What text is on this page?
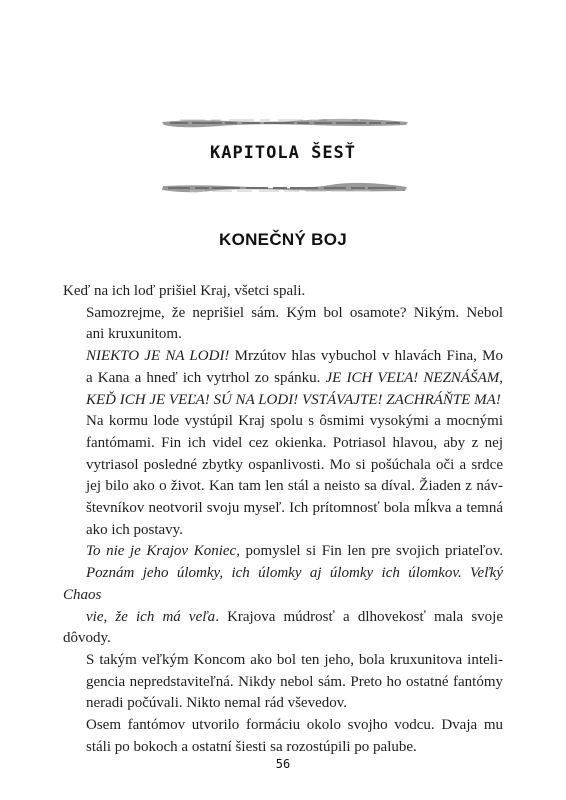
KAPITOLA ŠESŤ
KONEČNÝ BOJ

Keď na ich loď prišiel Kraj, všetci spali.

Samozrejme, že neprišiel sám. Kým bol osamote? Nikým. Nebol
ani kruxunitom.

NIEKTO JE NA LODI! Mrzútov hlas vybuchol v hlavách Fina, Mo
a Kana a hneď ich vytrhol zo spánku. JE ICH VEĽA! NEZNÁŠAM,
KEĎ ICH JE VEĽA! SÚ NA LODI! VSTÁVAJTE! ZACHRÁŇTE MA!

Na kormu lode vystúpil Kraj spolu s ôsmimi vysokými a mocnými
fantómami. Fin ich videl cez okienka. Potriasol hlavou, aby z nej
vytriasol posledné zbytky ospanlivosti. Mo si pošúchala oči a srdce
jej bilo ako o život. Kan tam len stál a neisto sa díval. Žiaden z náv-
števníkov neotvoril svoju myseľ. Ich prítomnosť bola mĺkva a temná
ako ich postavy.

To nie je Krajov Koniec, pomyslel si Fin len pre svojich priateľov.
Poznám jeho úlomky, ich úlomky aj úlomky ich úlomkov. Veľký Chaos
vie, že ich má veľa. Krajova múdrosť a dlhovekosť mala svoje dôvody.
S takým veľkým Koncom ako bol ten jeho, bola kruxunitova inteli-
gencia nepredstaviteľná. Nikdy nebol sám. Preto ho ostatné fantómy
neradi počúvali. Nikto nemal rád vševedov.

Osem fantómov utvorilo formáciu okolo svojho vodcu. Dvaja mu
stáli po bokoch a ostatní šiesti sa rozostúpili po palube.

56
